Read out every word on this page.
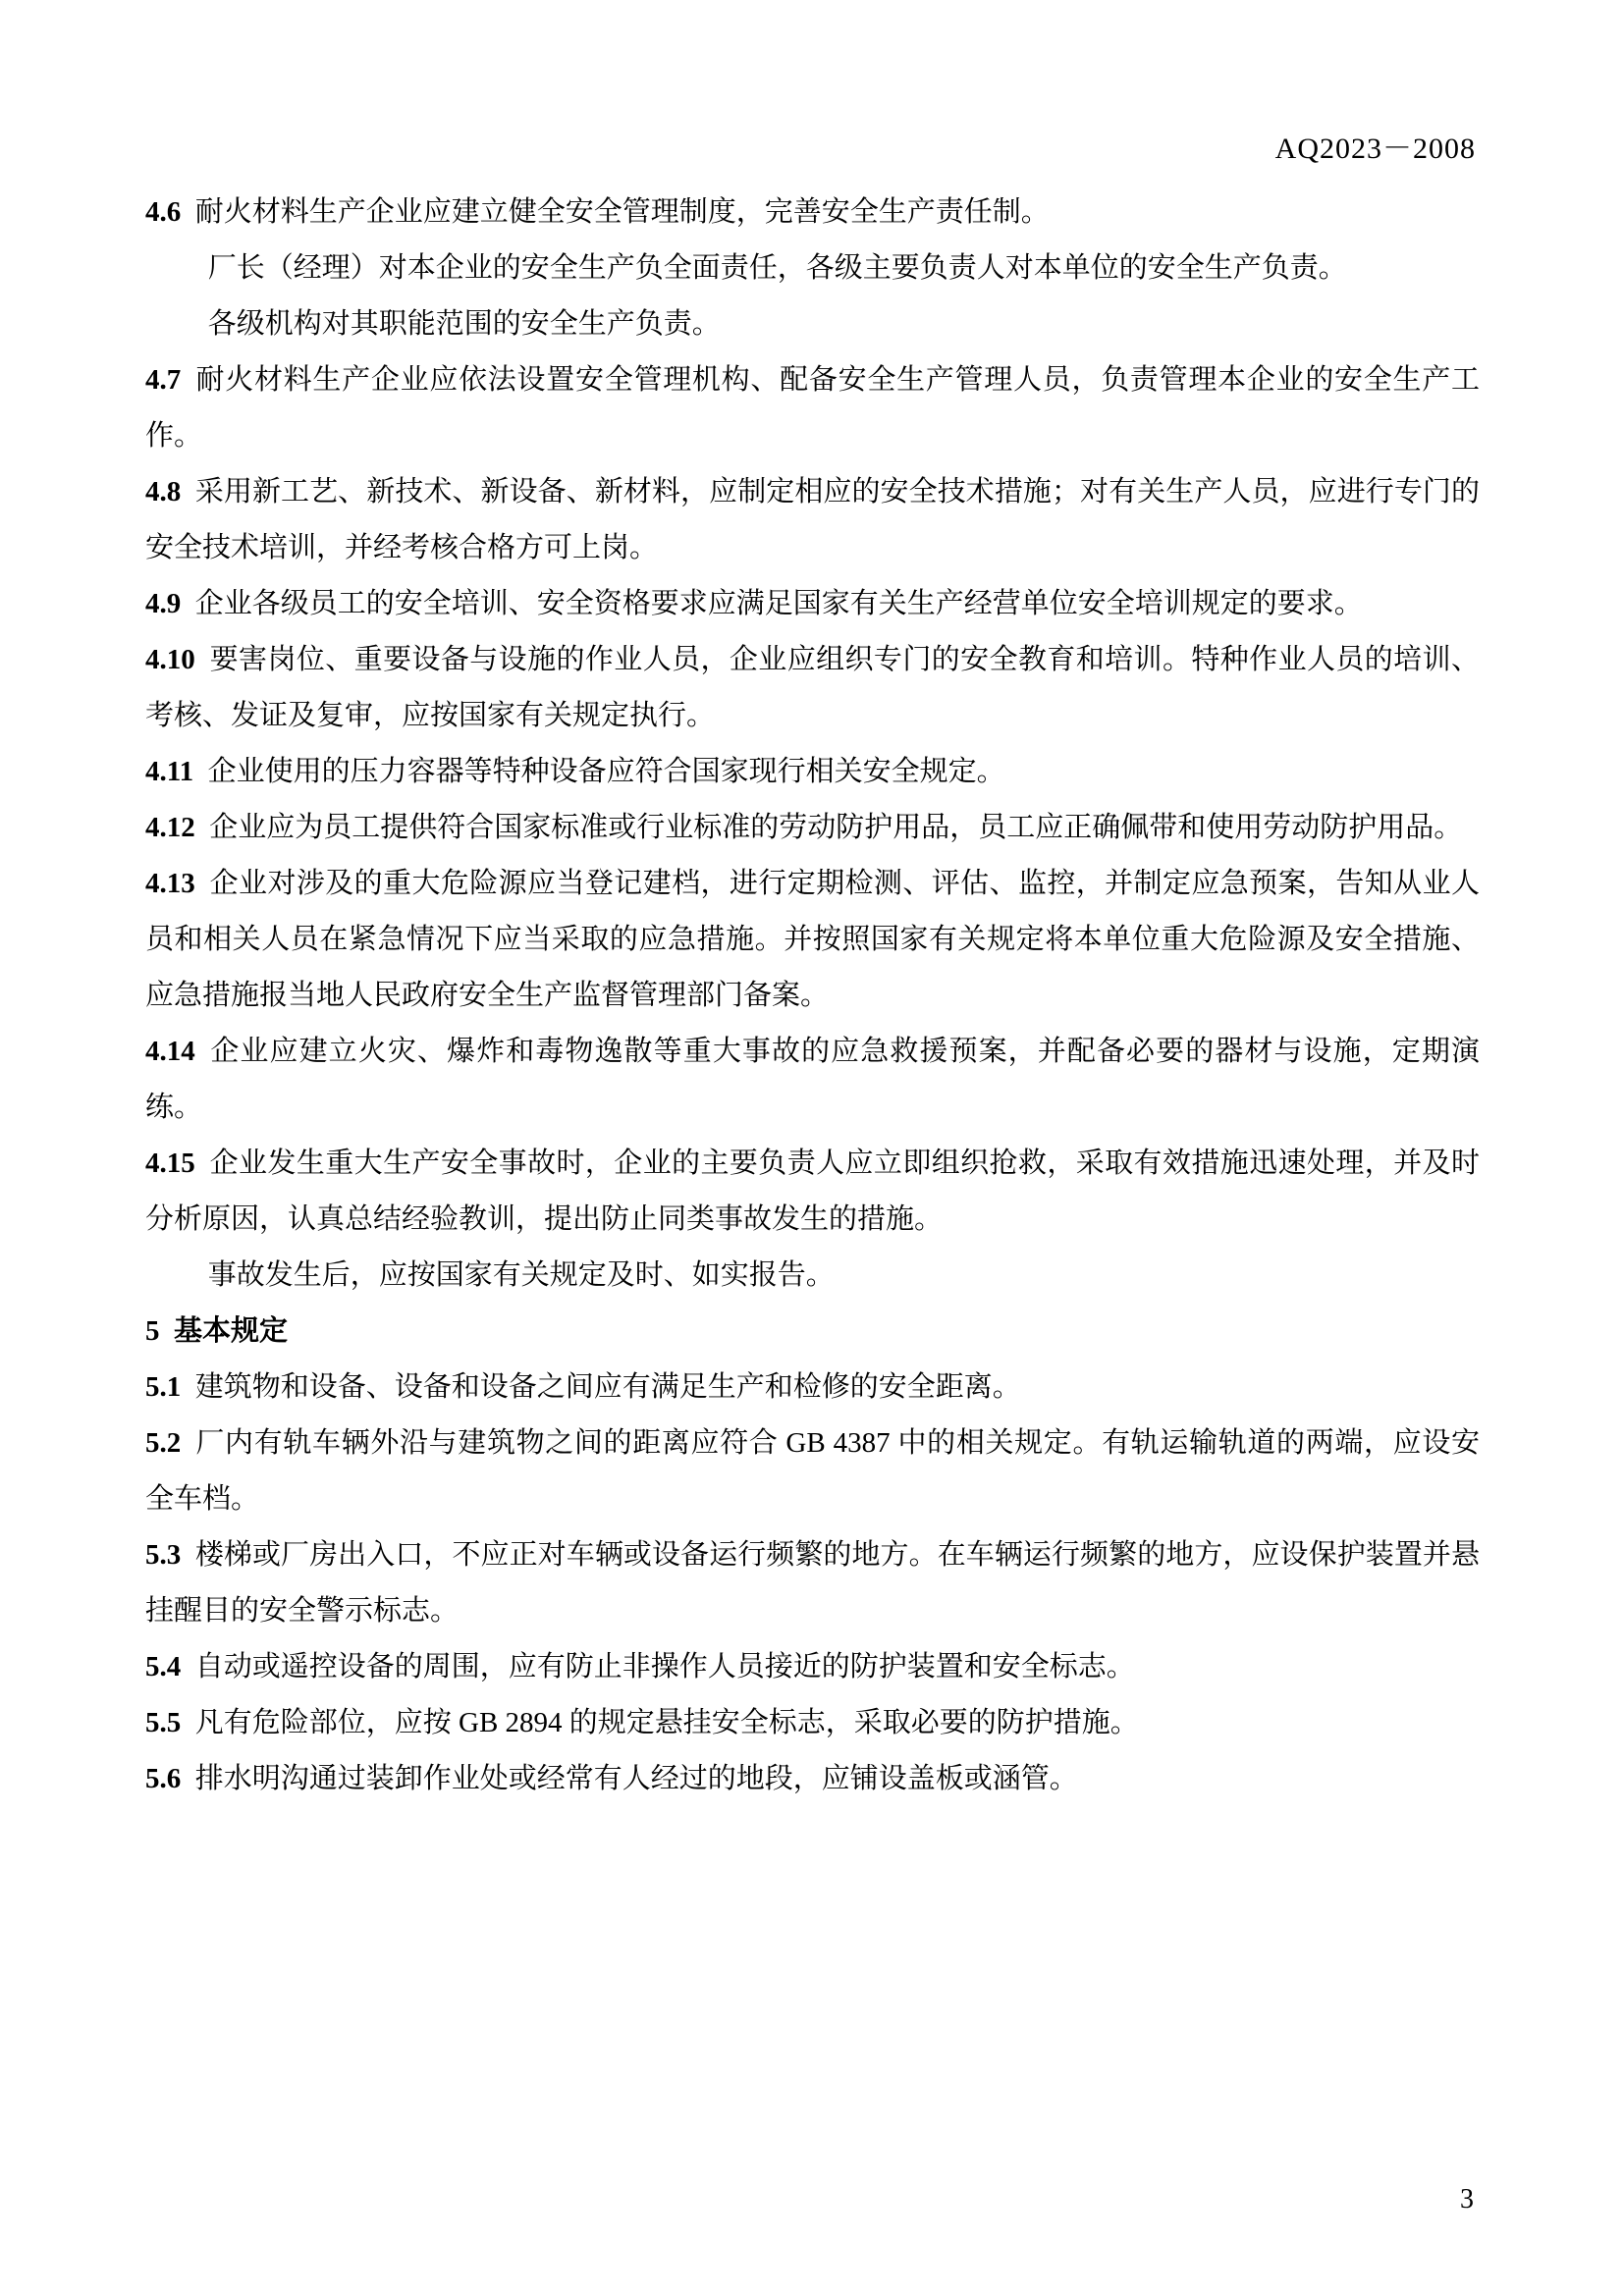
AQ2023－2008

4.6 耐火材料生产企业应建立健全安全管理制度，完善安全生产责任制。

厂长（经理）对本企业的安全生产负全面责任，各级主要负责人对本单位的安全生产负责。

各级机构对其职能范围的安全生产负责。

4.7 耐火材料生产企业应依法设置安全管理机构、配备安全生产管理人员，负责管理本企业的安全生产工作。

4.8 采用新工艺、新技术、新设备、新材料，应制定相应的安全技术措施；对有关生产人员，应进行专门的安全技术培训，并经考核合格方可上岗。

4.9 企业各级员工的安全培训、安全资格要求应满足国家有关生产经营单位安全培训规定的要求。

4.10 要害岗位、重要设备与设施的作业人员，企业应组织专门的安全教育和培训。特种作业人员的培训、考核、发证及复审，应按国家有关规定执行。

4.11 企业使用的压力容器等特种设备应符合国家现行相关安全规定。

4.12 企业应为员工提供符合国家标准或行业标准的劳动防护用品，员工应正确佩带和使用劳动防护用品。

4.13 企业对涉及的重大危险源应当登记建档，进行定期检测、评估、监控，并制定应急预案，告知从业人员和相关人员在紧急情况下应当采取的应急措施。并按照国家有关规定将本单位重大危险源及安全措施、应急措施报当地人民政府安全生产监督管理部门备案。

4.14 企业应建立火灾、爆炸和毒物逸散等重大事故的应急救援预案，并配备必要的器材与设施，定期演练。

4.15 企业发生重大生产安全事故时，企业的主要负责人应立即组织抢救，采取有效措施迅速处理，并及时分析原因，认真总结经验教训，提出防止同类事故发生的措施。

事故发生后，应按国家有关规定及时、如实报告。

5 基本规定

5.1 建筑物和设备、设备和设备之间应有满足生产和检修的安全距离。

5.2 厂内有轨车辆外沿与建筑物之间的距离应符合 GB 4387 中的相关规定。有轨运输轨道的两端，应设安全车档。

5.3 楼梯或厂房出入口，不应正对车辆或设备运行频繁的地方。在车辆运行频繁的地方，应设保护装置并悬挂醒目的安全警示标志。

5.4 自动或遥控设备的周围，应有防止非操作人员接近的防护装置和安全标志。

5.5 凡有危险部位，应按 GB 2894 的规定悬挂安全标志，采取必要的防护措施。

5.6 排水明沟通过装卸作业处或经常有人经过的地段，应铺设盖板或涵管。

3
